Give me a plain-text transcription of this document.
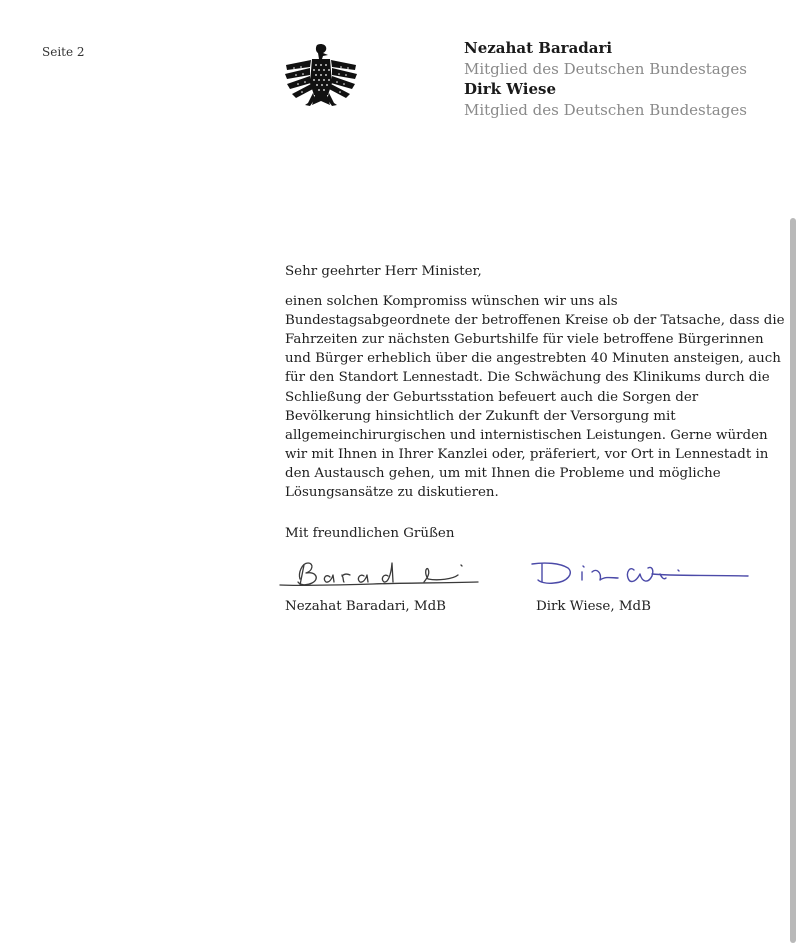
Seite 2	Nezahat Baradari
Mitglied des Deutschen Bundestages
Dirk Wiese
Mitglied des Deutschen Bundestages

Sehr geehrter Herr Minister,

einen solchen Kompromiss wünschen wir uns als

Bundestagsabgeordnete der betroffenen Kreise ob der Tatsache, dass die

Fahrzeiten zur nächsten Geburtshilfe für viele betroffene Bürgerinnen

und Bürger erheblich über die angestrebten 40 Minuten ansteigen, auch

für den Standort Lennestadt. Die Schwächung des Klinikums durch die

Schließung der Geburtsstation befeuert auch die Sorgen der

Bevölkerung hinsichtlich der Zukunft der Versorgung mit

allgemeinchirurgischen und internistischen Leistungen. Gerne würden

wir mit Ihnen in Ihrer Kanzlei oder, präferiert, vor Ort in Lennestadt in

den Austausch gehen, um mit Ihnen die Probleme und mögliche

Lösungsansätze zu diskutieren.

Mit freundlichen Grüßen
Nezahat Baradari, MdB	Dirk Wiese, MdB
